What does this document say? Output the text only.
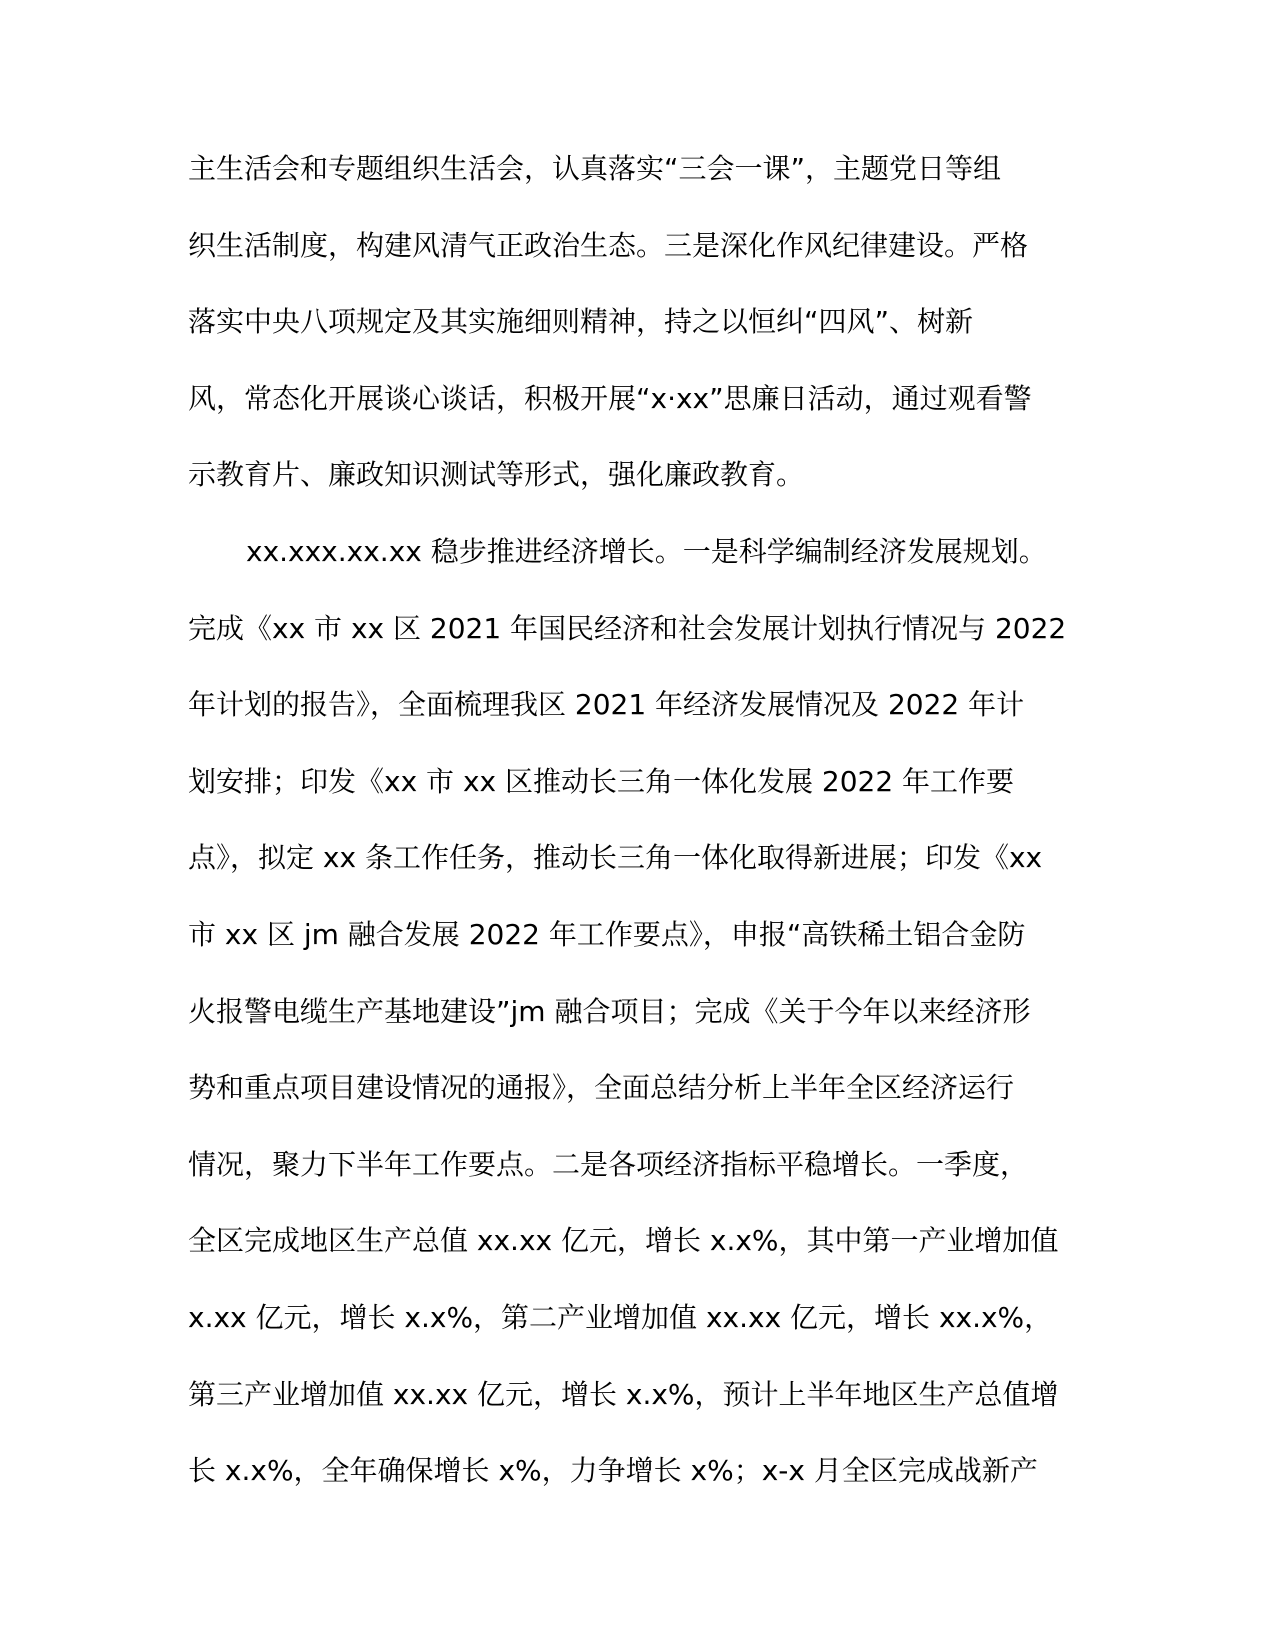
主生活会和专题组织生活会，认真落实“三会一课”，主题党日等组
织生活制度，构建风清气正政治生态。三是深化作风纪律建设。严格
落实中央八项规定及其实施细则精神，持之以恒纠“四风”、树新
风，常态化开展谈心谈话，积极开展“x·xx”思廉日活动，通过观看警
示教育片、廉政知识测试等形式，强化廉政教育。
xx.xxx.xx.xx 稳步推进经济增长。一是科学编制经济发展规划。
完成《xx 市 xx 区 2021 年国民经济和社会发展计划执行情况与 2022
年计划的报告》，全面梳理我区 2021 年经济发展情况及 2022 年计
划安排；印发《xx 市 xx 区推动长三角一体化发展 2022 年工作要
点》，拟定 xx 条工作任务，推动长三角一体化取得新进展；印发《xx
市 xx 区 jm 融合发展 2022 年工作要点》，申报“高铁稀土铝合金防
火报警电缆生产基地建设”jm 融合项目；完成《关于今年以来经济形
势和重点项目建设情况的通报》，全面总结分析上半年全区经济运行
情况，聚力下半年工作要点。二是各项经济指标平稳增长。一季度，
全区完成地区生产总值 xx.xx 亿元，增长 x.x%，其中第一产业增加值
x.xx 亿元，增长 x.x%，第二产业增加值 xx.xx 亿元，增长 xx.x%，
第三产业增加值 xx.xx 亿元，增长 x.x%，预计上半年地区生产总值增
长 x.x%，全年确保增长 x%，力争增长 x%；x-x 月全区完成战新产
